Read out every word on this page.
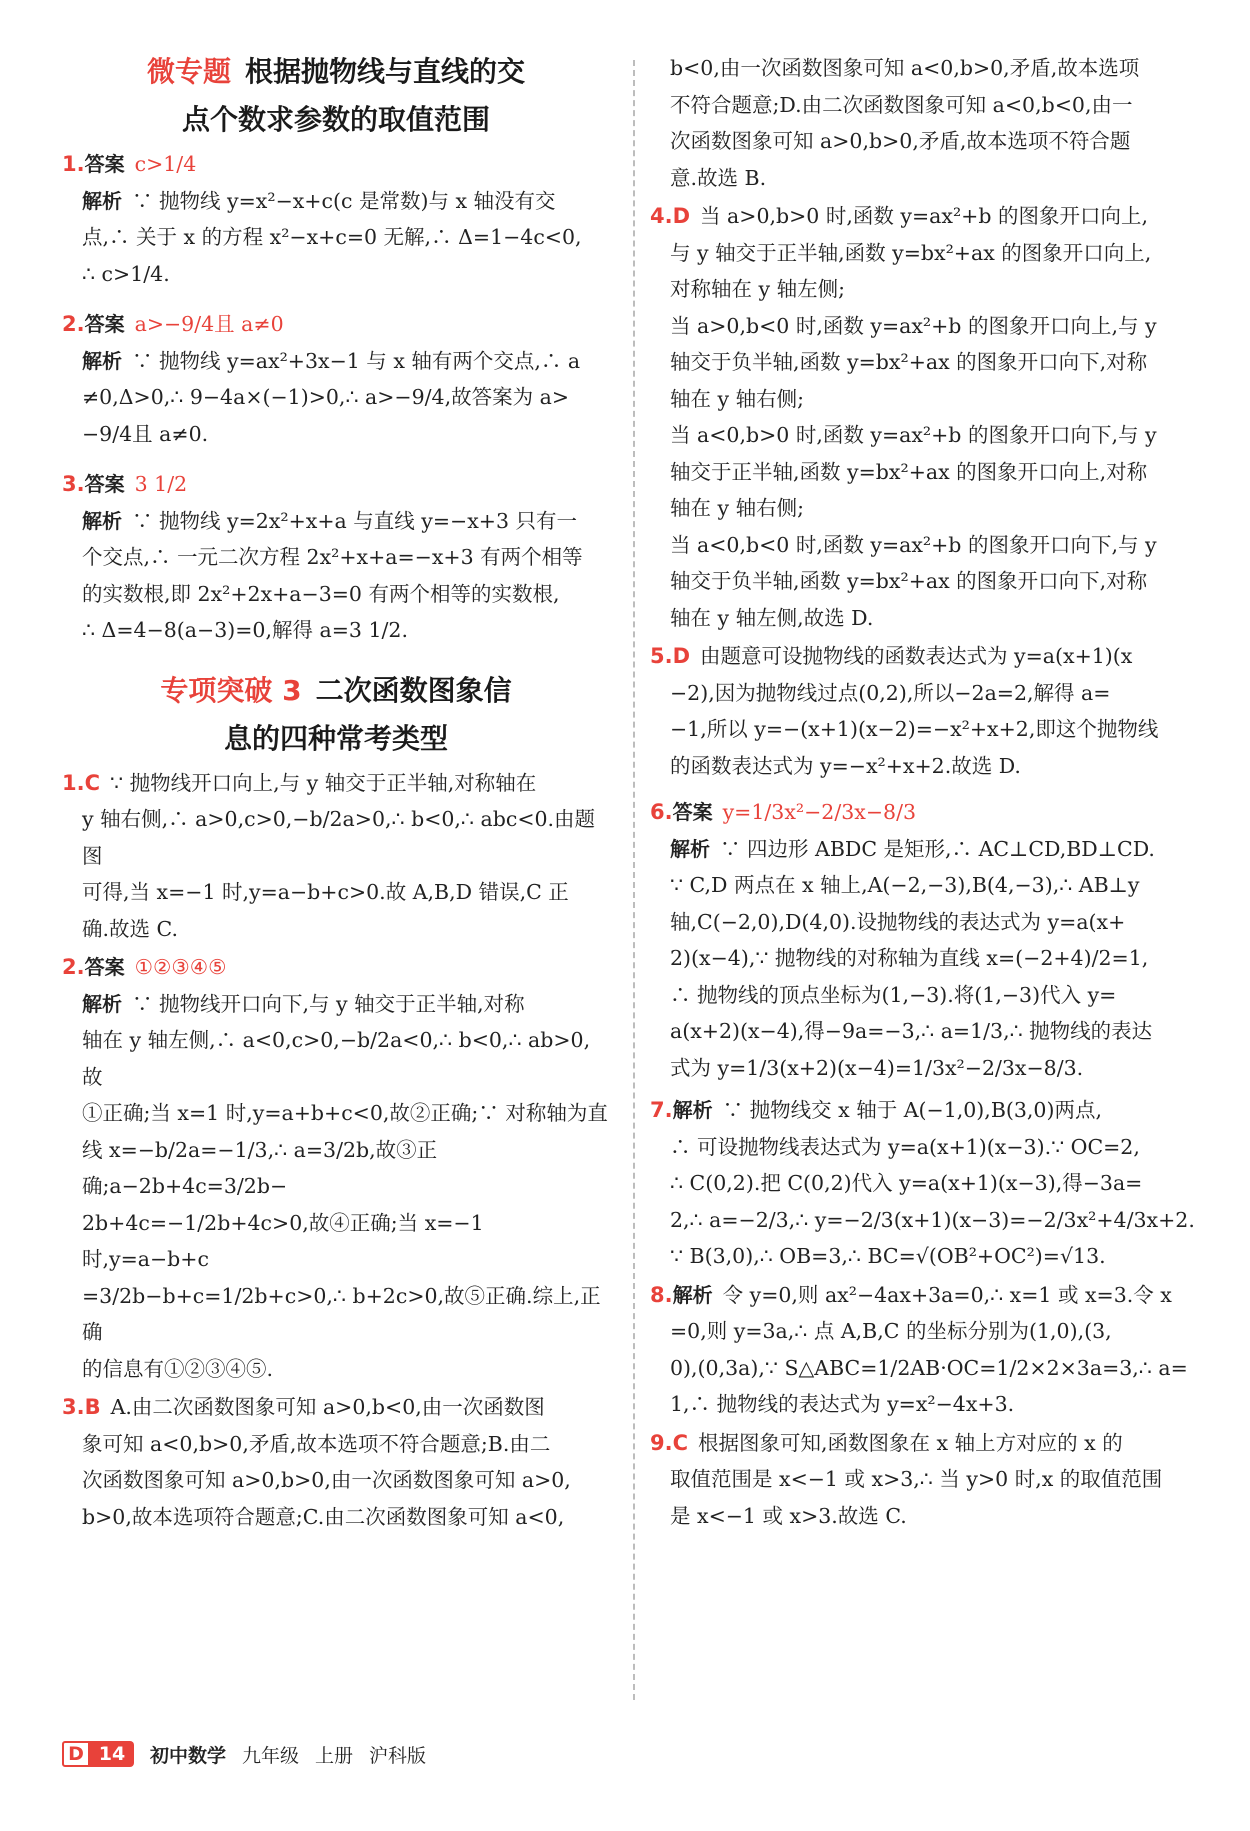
微专题 根据抛物线与直线的交
点个数求参数的取值范围

1.答案 c>1/4

解析 ∵ 抛物线 y=x²−x+c(c 是常数)与 x 轴没有交

点,∴ 关于 x 的方程 x²−x+c=0 无解,∴ Δ=1−4c<0,

∴ c>1/4.

2.答案 a>−9/4且 a≠0

解析 ∵ 抛物线 y=ax²+3x−1 与 x 轴有两个交点,∴ a

≠0,Δ>0,∴ 9−4a×(−1)>0,∴ a>−9/4,故答案为 a>

−9/4且 a≠0.

3.答案 3 1/2

解析 ∵ 抛物线 y=2x²+x+a 与直线 y=−x+3 只有一

个交点,∴ 一元二次方程 2x²+x+a=−x+3 有两个相等

的实数根,即 2x²+2x+a−3=0 有两个相等的实数根,

∴ Δ=4−8(a−3)=0,解得 a=3 1/2.

专项突破 3 二次函数图象信
息的四种常考类型

1.C ∵ 抛物线开口向上,与 y 轴交于正半轴,对称轴在

y 轴右侧,∴ a>0,c>0,−b/2a>0,∴ b<0,∴ abc<0.由题图

可得,当 x=−1 时,y=a−b+c>0.故 A,B,D 错误,C 正

确.故选 C.

2.答案 ①②③④⑤

解析 ∵ 抛物线开口向下,与 y 轴交于正半轴,对称

轴在 y 轴左侧,∴ a<0,c>0,−b/2a<0,∴ b<0,∴ ab>0,故

①正确;当 x=1 时,y=a+b+c<0,故②正确;∵ 对称轴为直

线 x=−b/2a=−1/3,∴ a=3/2b,故③正确;a−2b+4c=3/2b−

2b+4c=−1/2b+4c>0,故④正确;当 x=−1 时,y=a−b+c

=3/2b−b+c=1/2b+c>0,∴ b+2c>0,故⑤正确.综上,正确

的信息有①②③④⑤.

3.B A.由二次函数图象可知 a>0,b<0,由一次函数图

象可知 a<0,b>0,矛盾,故本选项不符合题意;B.由二

次函数图象可知 a>0,b>0,由一次函数图象可知 a>0,

b>0,故本选项符合题意;C.由二次函数图象可知 a<0,

b<0,由一次函数图象可知 a<0,b>0,矛盾,故本选项

不符合题意;D.由二次函数图象可知 a<0,b<0,由一

次函数图象可知 a>0,b>0,矛盾,故本选项不符合题

意.故选 B.

4.D 当 a>0,b>0 时,函数 y=ax²+b 的图象开口向上,

与 y 轴交于正半轴,函数 y=bx²+ax 的图象开口向上,

对称轴在 y 轴左侧;

当 a>0,b<0 时,函数 y=ax²+b 的图象开口向上,与 y

轴交于负半轴,函数 y=bx²+ax 的图象开口向下,对称

轴在 y 轴右侧;

当 a<0,b>0 时,函数 y=ax²+b 的图象开口向下,与 y

轴交于正半轴,函数 y=bx²+ax 的图象开口向上,对称

轴在 y 轴右侧;

当 a<0,b<0 时,函数 y=ax²+b 的图象开口向下,与 y

轴交于负半轴,函数 y=bx²+ax 的图象开口向下,对称

轴在 y 轴左侧,故选 D.

5.D 由题意可设抛物线的函数表达式为 y=a(x+1)(x

−2),因为抛物线过点(0,2),所以−2a=2,解得 a=

−1,所以 y=−(x+1)(x−2)=−x²+x+2,即这个抛物线

的函数表达式为 y=−x²+x+2.故选 D.

6.答案 y=1/3x²−2/3x−8/3

解析 ∵ 四边形 ABDC 是矩形,∴ AC⊥CD,BD⊥CD.

∵ C,D 两点在 x 轴上,A(−2,−3),B(4,−3),∴ AB⊥y

轴,C(−2,0),D(4,0).设抛物线的表达式为 y=a(x+

2)(x−4),∵ 抛物线的对称轴为直线 x=(−2+4)/2=1,

∴ 抛物线的顶点坐标为(1,−3).将(1,−3)代入 y=

a(x+2)(x−4),得−9a=−3,∴ a=1/3,∴ 抛物线的表达

式为 y=1/3(x+2)(x−4)=1/3x²−2/3x−8/3.

7.解析 ∵ 抛物线交 x 轴于 A(−1,0),B(3,0)两点,

∴ 可设抛物线表达式为 y=a(x+1)(x−3).∵ OC=2,

∴ C(0,2).把 C(0,2)代入 y=a(x+1)(x−3),得−3a=

2,∴ a=−2/3,∴ y=−2/3(x+1)(x−3)=−2/3x²+4/3x+2.

∵ B(3,0),∴ OB=3,∴ BC=√(OB²+OC²)=√13.

8.解析 令 y=0,则 ax²−4ax+3a=0,∴ x=1 或 x=3.令 x

=0,则 y=3a,∴ 点 A,B,C 的坐标分别为(1,0),(3,

0),(0,3a),∵ S△ABC=1/2AB·OC=1/2×2×3a=3,∴ a=

1,∴ 抛物线的表达式为 y=x²−4x+3.

9.C 根据图象可知,函数图象在 x 轴上方对应的 x 的

取值范围是 x<−1 或 x>3,∴ 当 y>0 时,x 的取值范围

是 x<−1 或 x>3.故选 C.

D 14	初中数学 九年级 上册 沪科版
